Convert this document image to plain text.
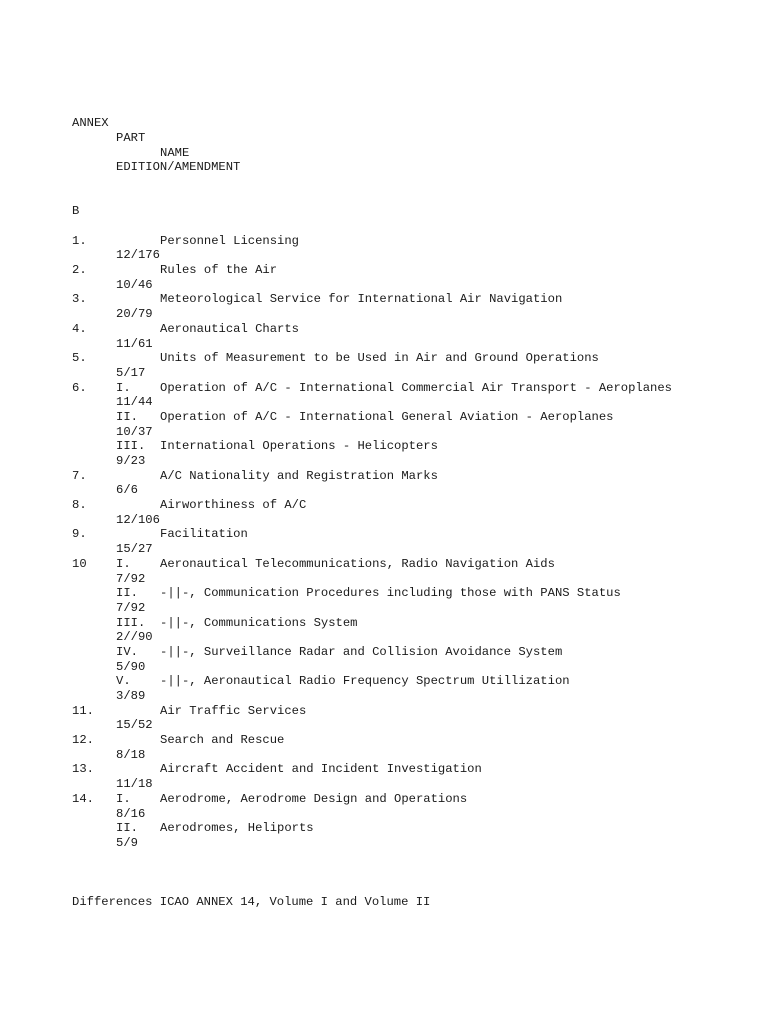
ANNEX

PART

NAME

EDITION/AMENDMENT

B

1.	Personnel Licensing
12/176
2.	Rules of the Air
10/46
3.	Meteorological Service for International Air Navigation
20/79
4.	Aeronautical Charts
11/61
5.	Units of Measurement to be Used in Air and Ground Operations
5/17
6. I. Operation of A/C - International Commercial Air Transport - Aeroplanes
11/44
II. Operation of A/C - International General Aviation - Aeroplanes
10/37
III. International Operations - Helicopters
9/23
7.	A/C Nationality and Registration Marks
6/6
8.	Airworthiness of A/C
12/106
9.	Facilitation
15/27
10 I. Aeronautical Telecommunications, Radio Navigation Aids
7/92
II. -||-, Communication Procedures including those with PANS Status
7/92
III. -||-, Communications System
2//90
IV. -||-, Surveillance Radar and Collision Avoidance System
5/90
V. -||-, Aeronautical Radio Frequency Spectrum Utillization
3/89
11.	Air Traffic Services
15/52
12.	Search and Rescue
8/18
13.	Aircraft Accident and Incident Investigation
11/18
14. I. Aerodrome, Aerodrome Design and Operations
8/16
II. Aerodromes, Heliports
5/9

Differences ICAO ANNEX 14, Volume I and Volume II
